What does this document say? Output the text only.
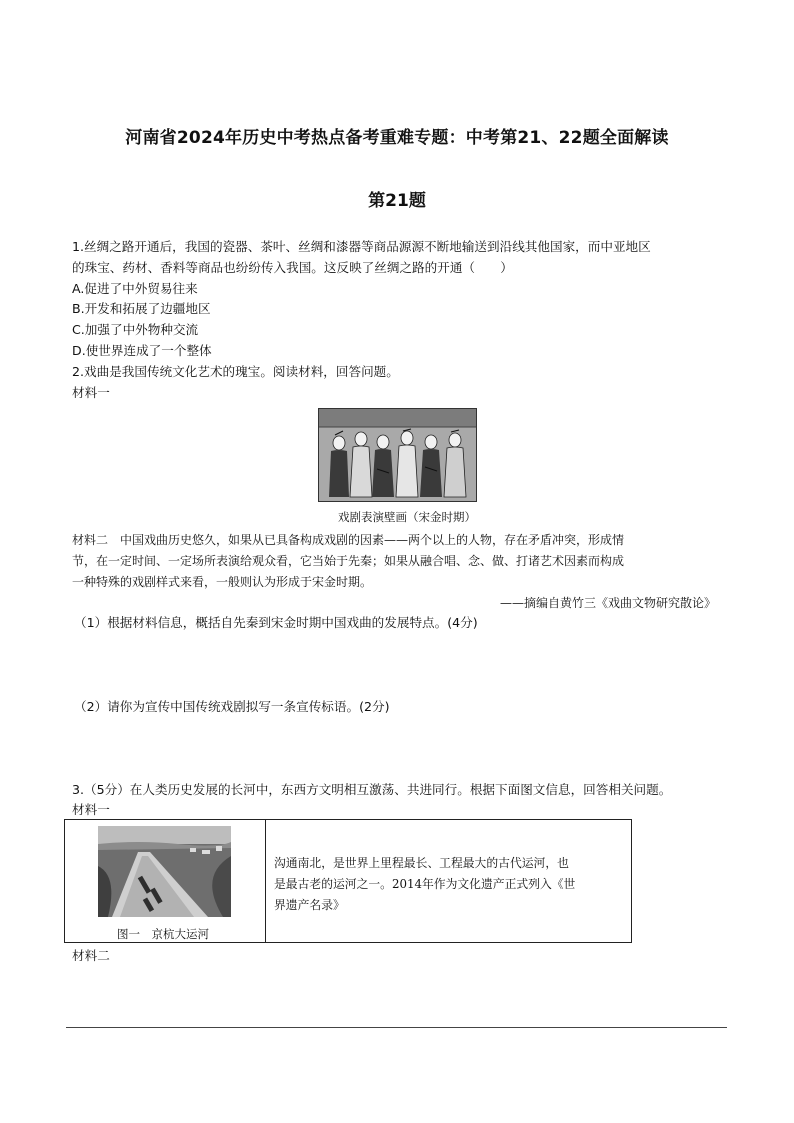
河南省2024年历史中考热点备考重难专题：中考第21、22题全面解读
第21题
1.丝绸之路开通后，我国的瓷器、茶叶、丝绸和漆器等商品源源不断地输送到沿线其他国家，而中亚地区
的珠宝、药材、香料等商品也纷纷传入我国。这反映了丝绸之路的开通（　　）
A.促进了中外贸易往来
B.开发和拓展了边疆地区
C.加强了中外物种交流
D.使世界连成了一个整体
2.戏曲是我国传统文化艺术的瑰宝。阅读材料，回答问题。
材料一
戏剧表演壁画（宋金时期）
材料二　中国戏曲历史悠久，如果从已具备构成戏剧的因素——两个以上的人物，存在矛盾冲突，形成情
节，在一定时间、一定场所表演给观众看，它当始于先秦；如果从融合唱、念、做、打诸艺术因素而构成
一种特殊的戏剧样式来看，一般则认为形成于宋金时期。
——摘编自黄竹三《戏曲文物研究散论》
（1）根据材料信息，概括自先秦到宋金时期中国戏曲的发展特点。(4分)
（2）请你为宣传中国传统戏剧拟写一条宣传标语。(2分)
3.（5分）在人类历史发展的长河中，东西方文明相互激荡、共进同行。根据下面图文信息，回答相关问题。
材料一
图一　京杭大运河
沟通南北，是世界上里程最长、工程最大的古代运河，也
是最古老的运河之一。2014年作为文化遗产正式列入《世
界遗产名录》
材料二
